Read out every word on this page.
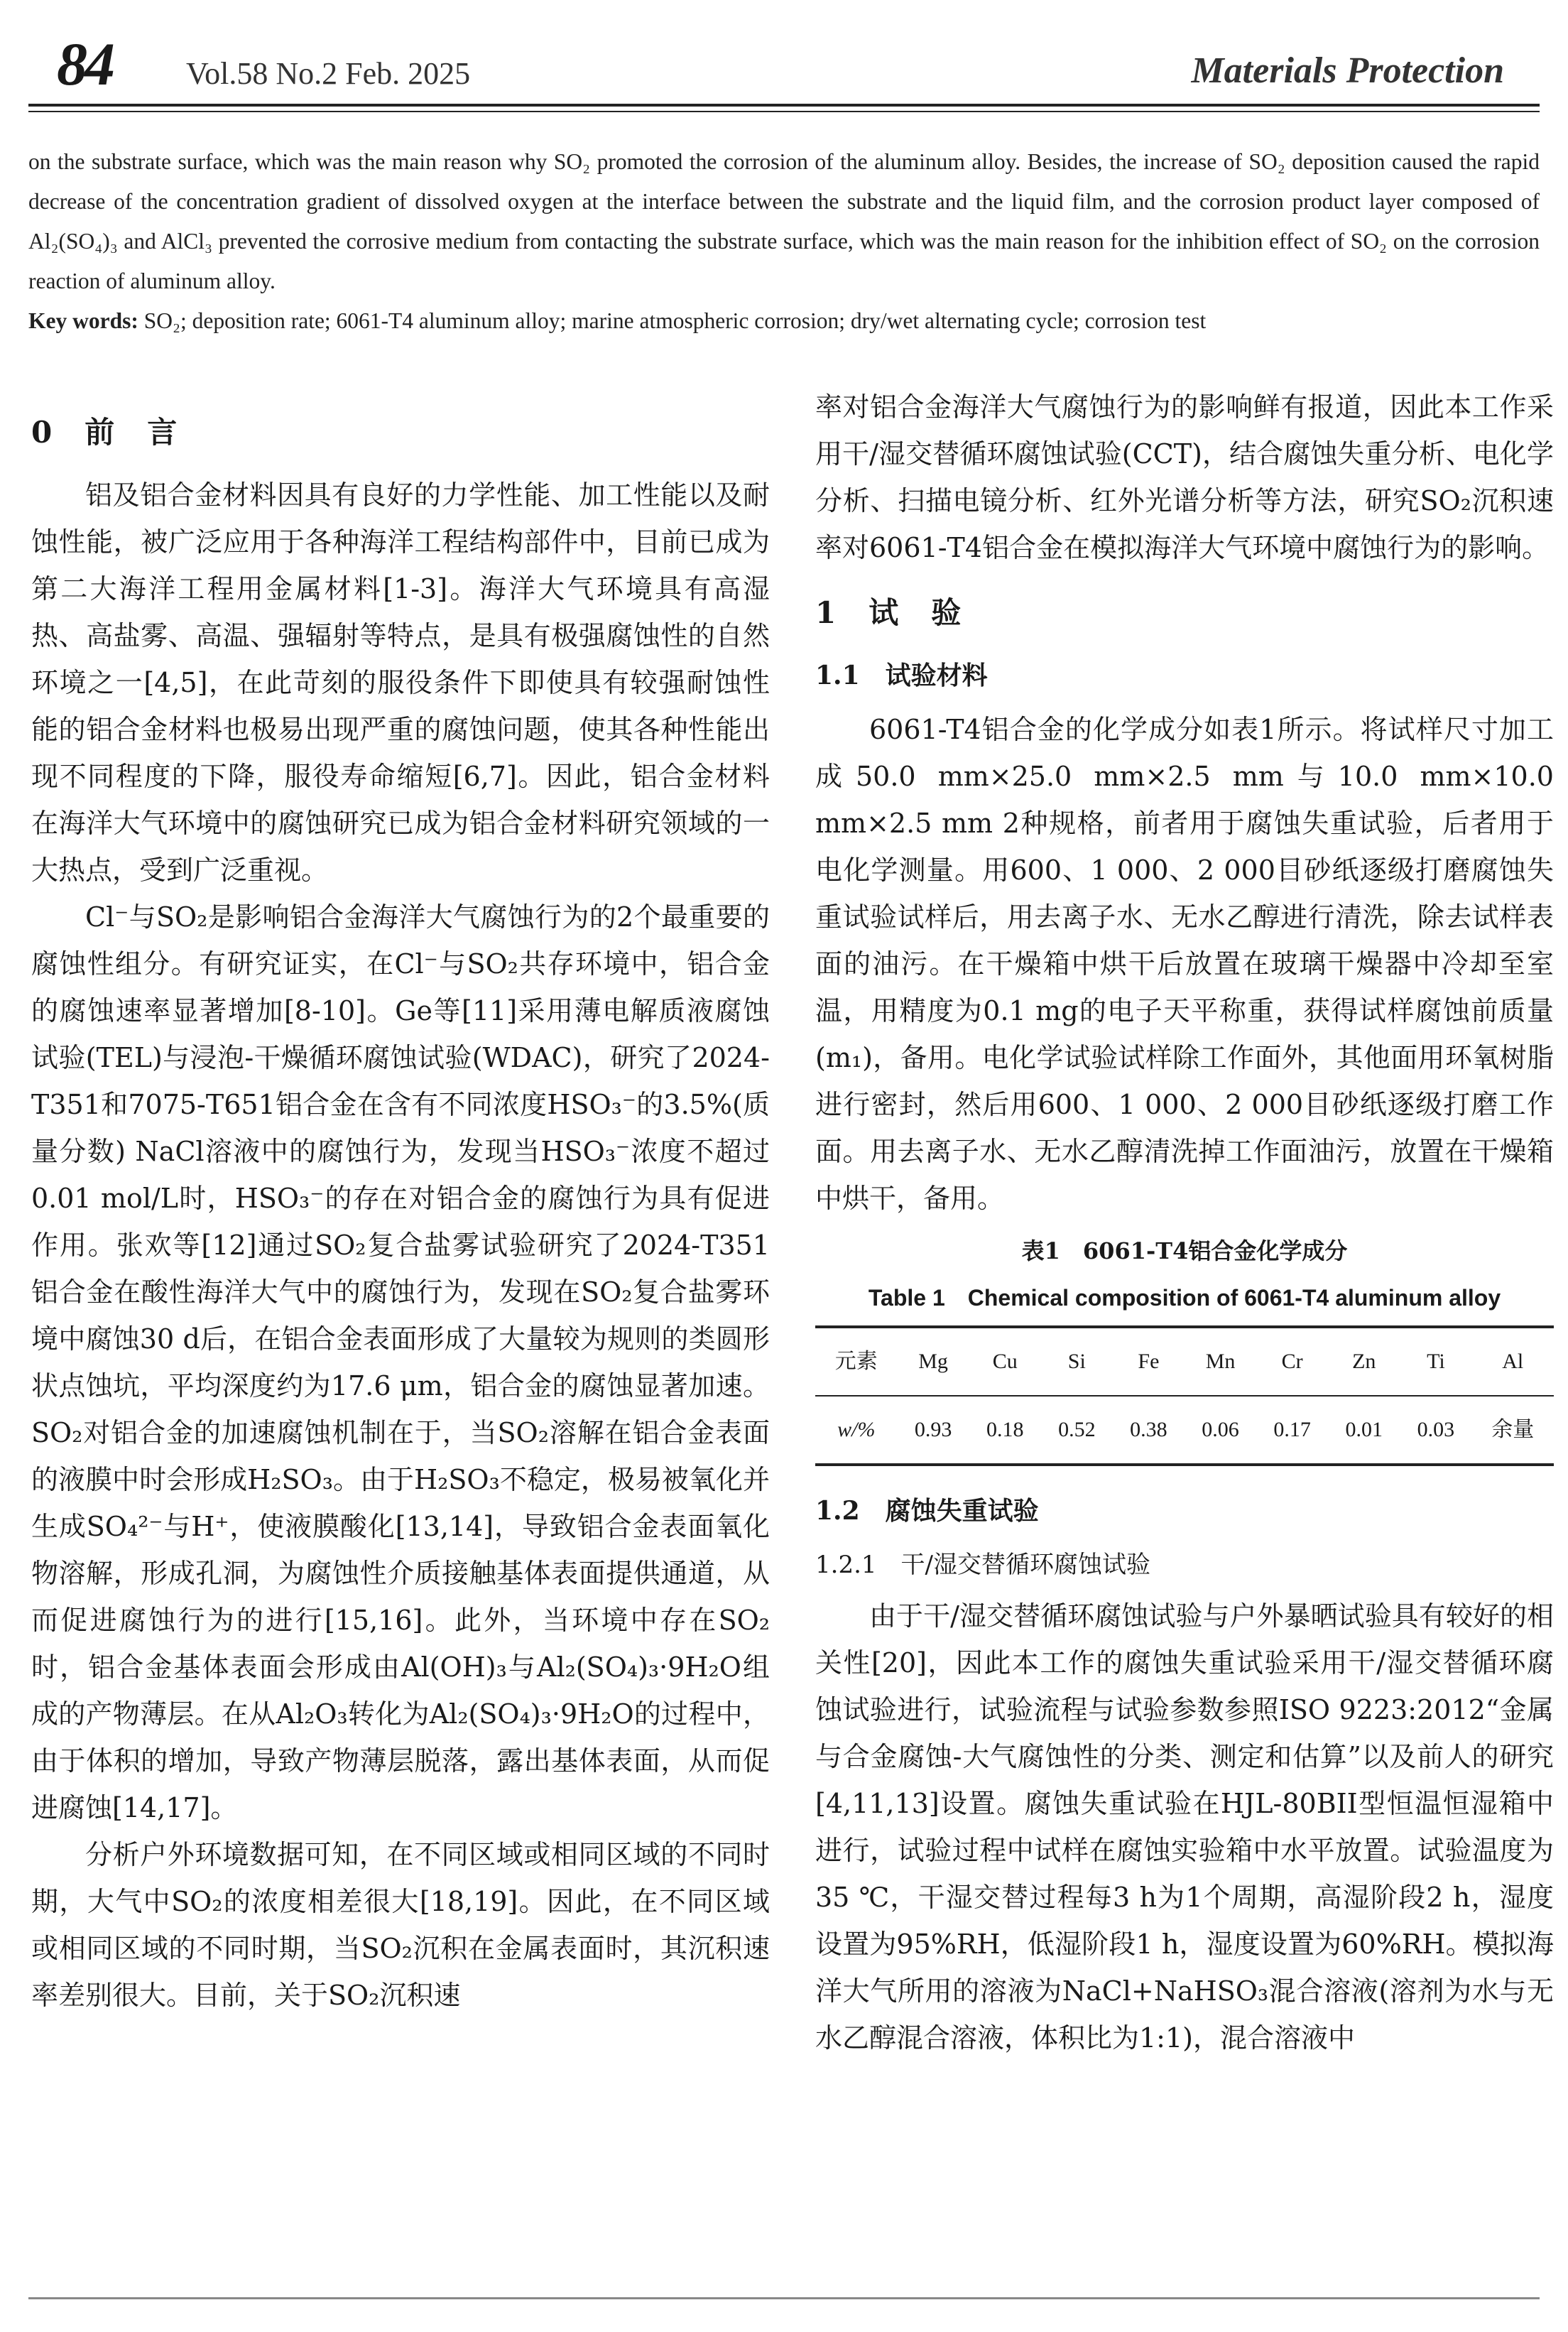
84 Vol.58 No.2 Feb. 2025	Materials Protection

on the substrate surface, which was the main reason why SO₂ promoted the corrosion of the aluminum alloy. Besides, the increase of SO₂ deposition caused the rapid decrease of the concentration gradient of dissolved oxygen at the interface between the substrate and the liquid film, and the corrosion product layer composed of Al₂(SO₄)₃ and AlCl₃ prevented the corrosive medium from contacting the substrate surface, which was the main reason for the inhibition effect of SO₂ on the corrosion reaction of aluminum alloy.

Key words: SO₂; deposition rate; 6061-T4 aluminum alloy; marine atmospheric corrosion; dry/wet alternating cycle; corrosion test

0　前　言

铝及铝合金材料因具有良好的力学性能、加工性能以及耐蚀性能，被广泛应用于各种海洋工程结构部件中，目前已成为第二大海洋工程用金属材料[1-3]。海洋大气环境具有高湿热、高盐雾、高温、强辐射等特点，是具有极强腐蚀性的自然环境之一[4,5]，在此苛刻的服役条件下即使具有较强耐蚀性能的铝合金材料也极易出现严重的腐蚀问题，使其各种性能出现不同程度的下降，服役寿命缩短[6,7]。因此，铝合金材料在海洋大气环境中的腐蚀研究已成为铝合金材料研究领域的一大热点，受到广泛重视。

Cl⁻与SO₂是影响铝合金海洋大气腐蚀行为的2个最重要的腐蚀性组分。有研究证实，在Cl⁻与SO₂共存环境中，铝合金的腐蚀速率显著增加[8-10]。Ge等[11]采用薄电解质液腐蚀试验(TEL)与浸泡-干燥循环腐蚀试验(WDAC)，研究了2024-T351和7075-T651铝合金在含有不同浓度HSO₃⁻的3.5%(质量分数) NaCl溶液中的腐蚀行为，发现当HSO₃⁻浓度不超过0.01 mol/L时，HSO₃⁻的存在对铝合金的腐蚀行为具有促进作用。张欢等[12]通过SO₂复合盐雾试验研究了2024-T351铝合金在酸性海洋大气中的腐蚀行为，发现在SO₂复合盐雾环境中腐蚀30 d后，在铝合金表面形成了大量较为规则的类圆形状点蚀坑，平均深度约为17.6 μm，铝合金的腐蚀显著加速。SO₂对铝合金的加速腐蚀机制在于，当SO₂溶解在铝合金表面的液膜中时会形成H₂SO₃。由于H₂SO₃不稳定，极易被氧化并生成SO₄²⁻与H⁺，使液膜酸化[13,14]，导致铝合金表面氧化物溶解，形成孔洞，为腐蚀性介质接触基体表面提供通道，从而促进腐蚀行为的进行[15,16]。此外，当环境中存在SO₂时，铝合金基体表面会形成由Al(OH)₃与Al₂(SO₄)₃·9H₂O组成的产物薄层。在从Al₂O₃转化为Al₂(SO₄)₃·9H₂O的过程中，由于体积的增加，导致产物薄层脱落，露出基体表面，从而促进腐蚀[14,17]。

分析户外环境数据可知，在不同区域或相同区域的不同时期，大气中SO₂的浓度相差很大[18,19]。因此，在不同区域或相同区域的不同时期，当SO₂沉积在金属表面时，其沉积速率差别很大。目前，关于SO₂沉积速

率对铝合金海洋大气腐蚀行为的影响鲜有报道，因此本工作采用干/湿交替循环腐蚀试验(CCT)，结合腐蚀失重分析、电化学分析、扫描电镜分析、红外光谱分析等方法，研究SO₂沉积速率对6061-T4铝合金在模拟海洋大气环境中腐蚀行为的影响。

1　试　验
1.1　试验材料

6061-T4铝合金的化学成分如表1所示。将试样尺寸加工成50.0 mm×25.0 mm×2.5 mm与10.0 mm×10.0 mm×2.5 mm 2种规格，前者用于腐蚀失重试验，后者用于电化学测量。用600、1 000、2 000目砂纸逐级打磨腐蚀失重试验试样后，用去离子水、无水乙醇进行清洗，除去试样表面的油污。在干燥箱中烘干后放置在玻璃干燥器中冷却至室温，用精度为0.1 mg的电子天平称重，获得试样腐蚀前质量(m₁)，备用。电化学试验试样除工作面外，其他面用环氧树脂进行密封，然后用600、1 000、2 000目砂纸逐级打磨工作面。用去离子水、无水乙醇清洗掉工作面油污，放置在干燥箱中烘干，备用。

表1　6061-T4铝合金化学成分
Table 1　Chemical composition of 6061-T4 aluminum alloy
元素	Mg	Cu	Si	Fe	Mn	Cr	Zn	Ti	Al
w/%	0.93	0.18	0.52	0.38	0.06	0.17	0.01	0.03	余量
1.2　腐蚀失重试验
1.2.1　干/湿交替循环腐蚀试验

由于干/湿交替循环腐蚀试验与户外暴晒试验具有较好的相关性[20]，因此本工作的腐蚀失重试验采用干/湿交替循环腐蚀试验进行，试验流程与试验参数参照ISO 9223:2012“金属与合金腐蚀-大气腐蚀性的分类、测定和估算”以及前人的研究[4,11,13]设置。腐蚀失重试验在HJL-80BII型恒温恒湿箱中进行，试验过程中试样在腐蚀实验箱中水平放置。试验温度为35 ℃，干湿交替过程每3 h为1个周期，高湿阶段2 h，湿度设置为95%RH，低湿阶段1 h，湿度设置为60%RH。模拟海洋大气所用的溶液为NaCl+NaHSO₃混合溶液(溶剂为水与无水乙醇混合溶液，体积比为1:1)，混合溶液中
